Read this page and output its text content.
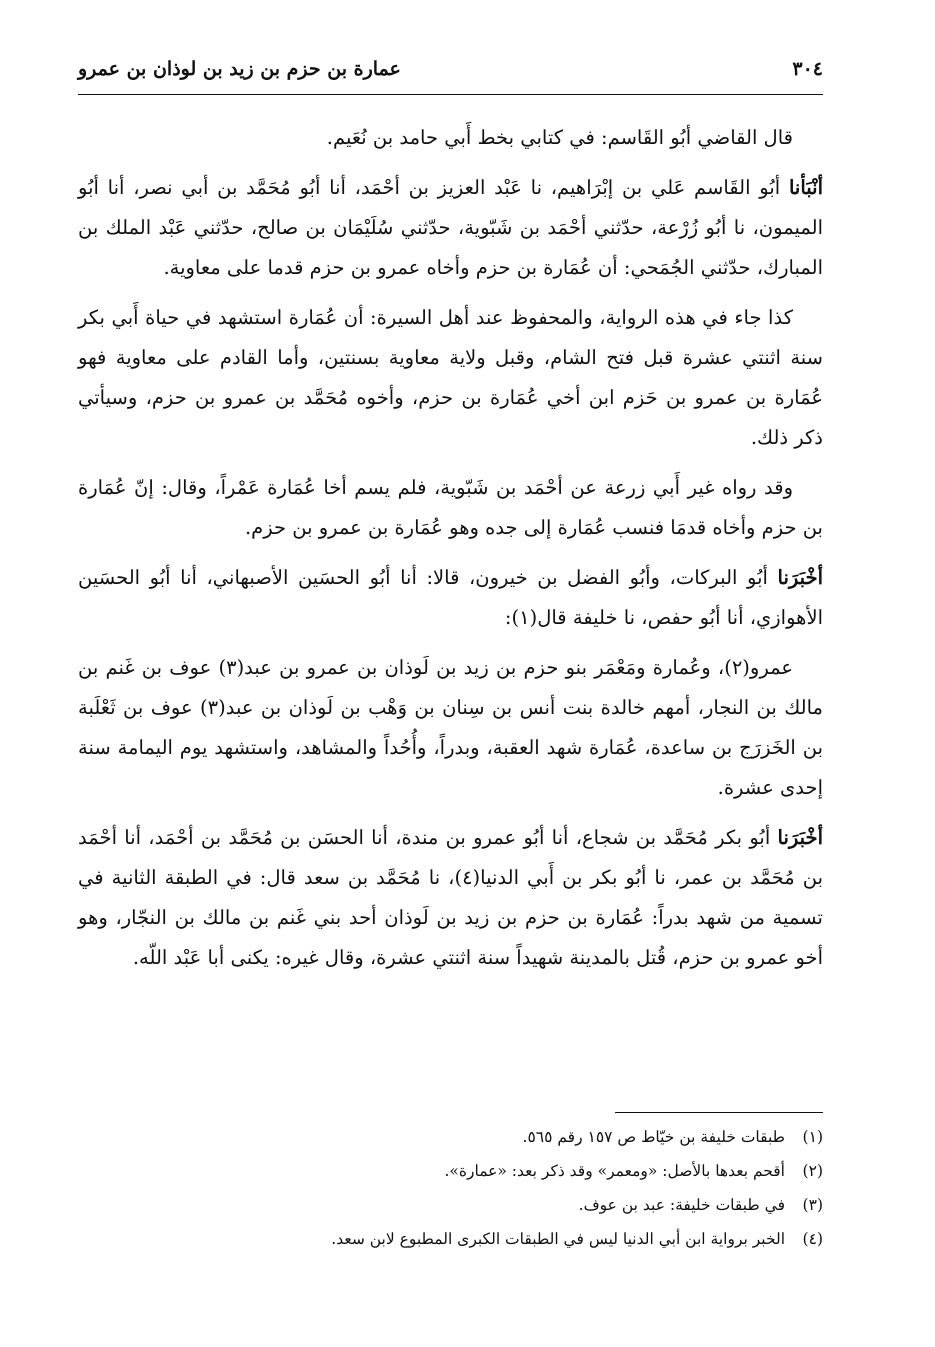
٣٠٤
عمارة بن حزم بن زيد بن لوذان بن عمرو

قال القاضي أبُو القَاسم: في كتابي بخط أَبي حامد بن نُعَيم.

أنْبَأنا أبُو القَاسم عَلي بن إبْرَاهيم، نا عَبْد العزيز بن أحْمَد، أنا أبُو مُحَمَّد بن أبي نصر، أنا أبُو الميمون، نا أبُو زُرْعة، حدّثني أحْمَد بن شَبّوية، حدّثني سُلَيْمَان بن صالح، حدّثني عَبْد الملك بن المبارك، حدّثني الجُمَحي: أن عُمَارة بن حزم وأخاه عمرو بن حزم قدما على معاوية.

كذا جاء في هذه الرواية، والمحفوظ عند أهل السيرة: أن عُمَارة استشهد في حياة أَبي بكر سنة اثنتي عشرة قبل فتح الشام، وقبل ولاية معاوية بسنتين، وأما القادم على معاوية فهو عُمَارة بن عمرو بن حَزم ابن أخي عُمَارة بن حزم، وأخوه مُحَمَّد بن عمرو بن حزم، وسيأتي ذكر ذلك.

وقد رواه غير أَبي زرعة عن أحْمَد بن شَبّوية، فلم يسم أخا عُمَارة عَمْراً، وقال: إنّ عُمَارة بن حزم وأخاه قدمَا فنسب عُمَارة إلى جده وهو عُمَارة بن عمرو بن حزم.

أخْبَرَنا أبُو البركات، وأبُو الفضل بن خيرون، قالا: أنا أبُو الحسَين الأصبهاني، أنا أبُو الحسَين الأهوازي، أنا أبُو حفص، نا خليفة قال(١):

عمرو(٢)، وعُمارة ومَعْمَر بنو حزم بن زيد بن لَوذان بن عمرو بن عبد(٣) عوف بن غَنم بن مالك بن النجار، أمهم خالدة بنت أنس بن سِنان بن وَهْب بن لَوذان بن عبد(٣) عوف بن ثَعْلَبة بن الخَزرَج بن ساعدة، عُمَارة شهد العقبة، وبدراً، وأُحُداً والمشاهد، واستشهد يوم اليمامة سنة إحدى عشرة.

أخْبَرَنا أبُو بكر مُحَمَّد بن شجاع، أنا أبُو عمرو بن مندة، أنا الحسَن بن مُحَمَّد بن أحْمَد، أنا أحْمَد بن مُحَمَّد بن عمر، نا أبُو بكر بن أَبي الدنيا(٤)، نا مُحَمَّد بن سعد قال: في الطبقة الثانية في تسمية من شهد بدراً: عُمَارة بن حزم بن زيد بن لَوذان أحد بني غَنم بن مالك بن النجّار، وهو أخو عمرو بن حزم، قُتل بالمدينة شهيداً سنة اثنتي عشرة، وقال غيره: يكنى أبا عَبْد اللّه.

(١)
طبقات خليفة بن خيّاط ص ١٥٧ رقم ٥٦٥.
(٢)
أقحم بعدها بالأصل: «ومعمر» وقد ذكر بعد: «عمارة».
(٣)
في طبقات خليفة: عبد بن عوف.
(٤)
الخبر برواية ابن أبي الدنيا ليس في الطبقات الكبرى المطبوع لابن سعد.
